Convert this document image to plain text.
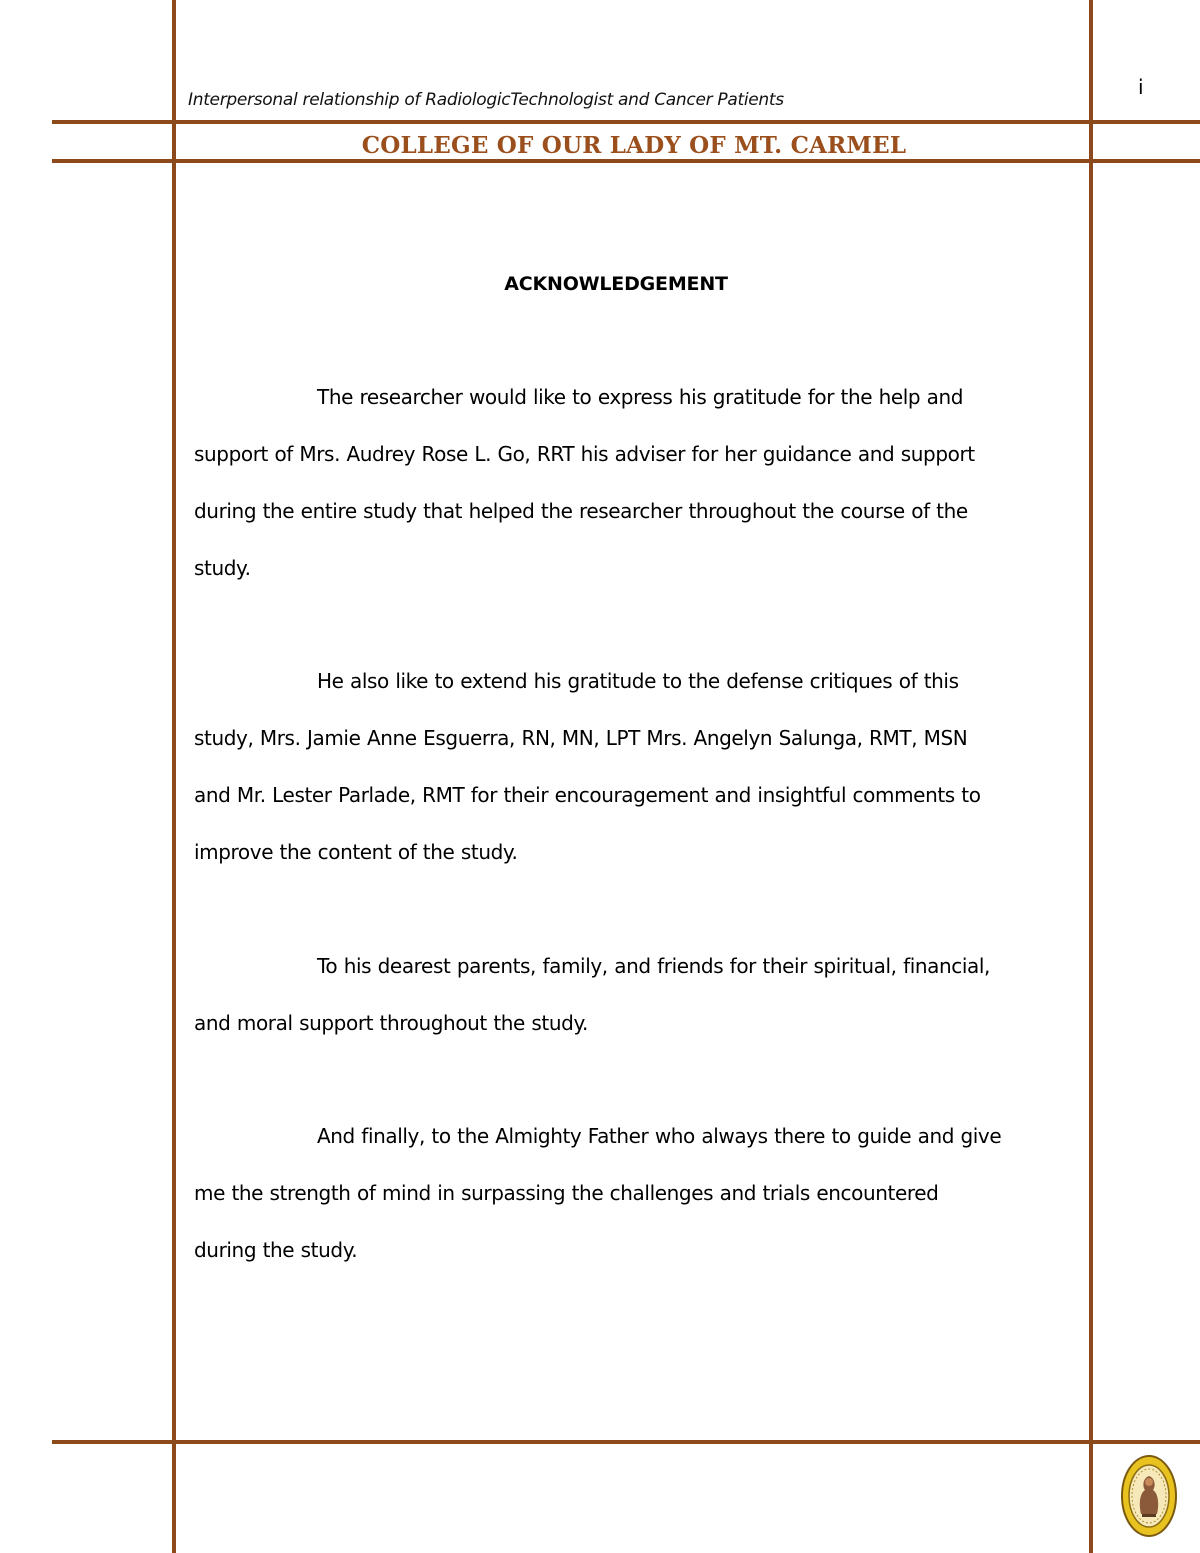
Interpersonal relationship of RadiologicTechnologist and Cancer Patients
i
COLLEGE OF OUR LADY OF MT. CARMEL
ACKNOWLEDGEMENT

The researcher would like to express his gratitude for the help and
support of Mrs. Audrey Rose L. Go, RRT his adviser for her guidance and support
during the entire study that helped the researcher throughout the course of the
study.

He also like to extend his gratitude to the defense critiques of this
study, Mrs. Jamie Anne Esguerra, RN, MN, LPT Mrs. Angelyn Salunga, RMT, MSN
and Mr. Lester Parlade, RMT for their encouragement and insightful comments to
improve the content of the study.

To his dearest parents, family, and friends for their spiritual, financial,
and moral support throughout the study.

And finally, to the Almighty Father who always there to guide and give
me the strength of mind in surpassing the challenges and trials encountered
during the study.
